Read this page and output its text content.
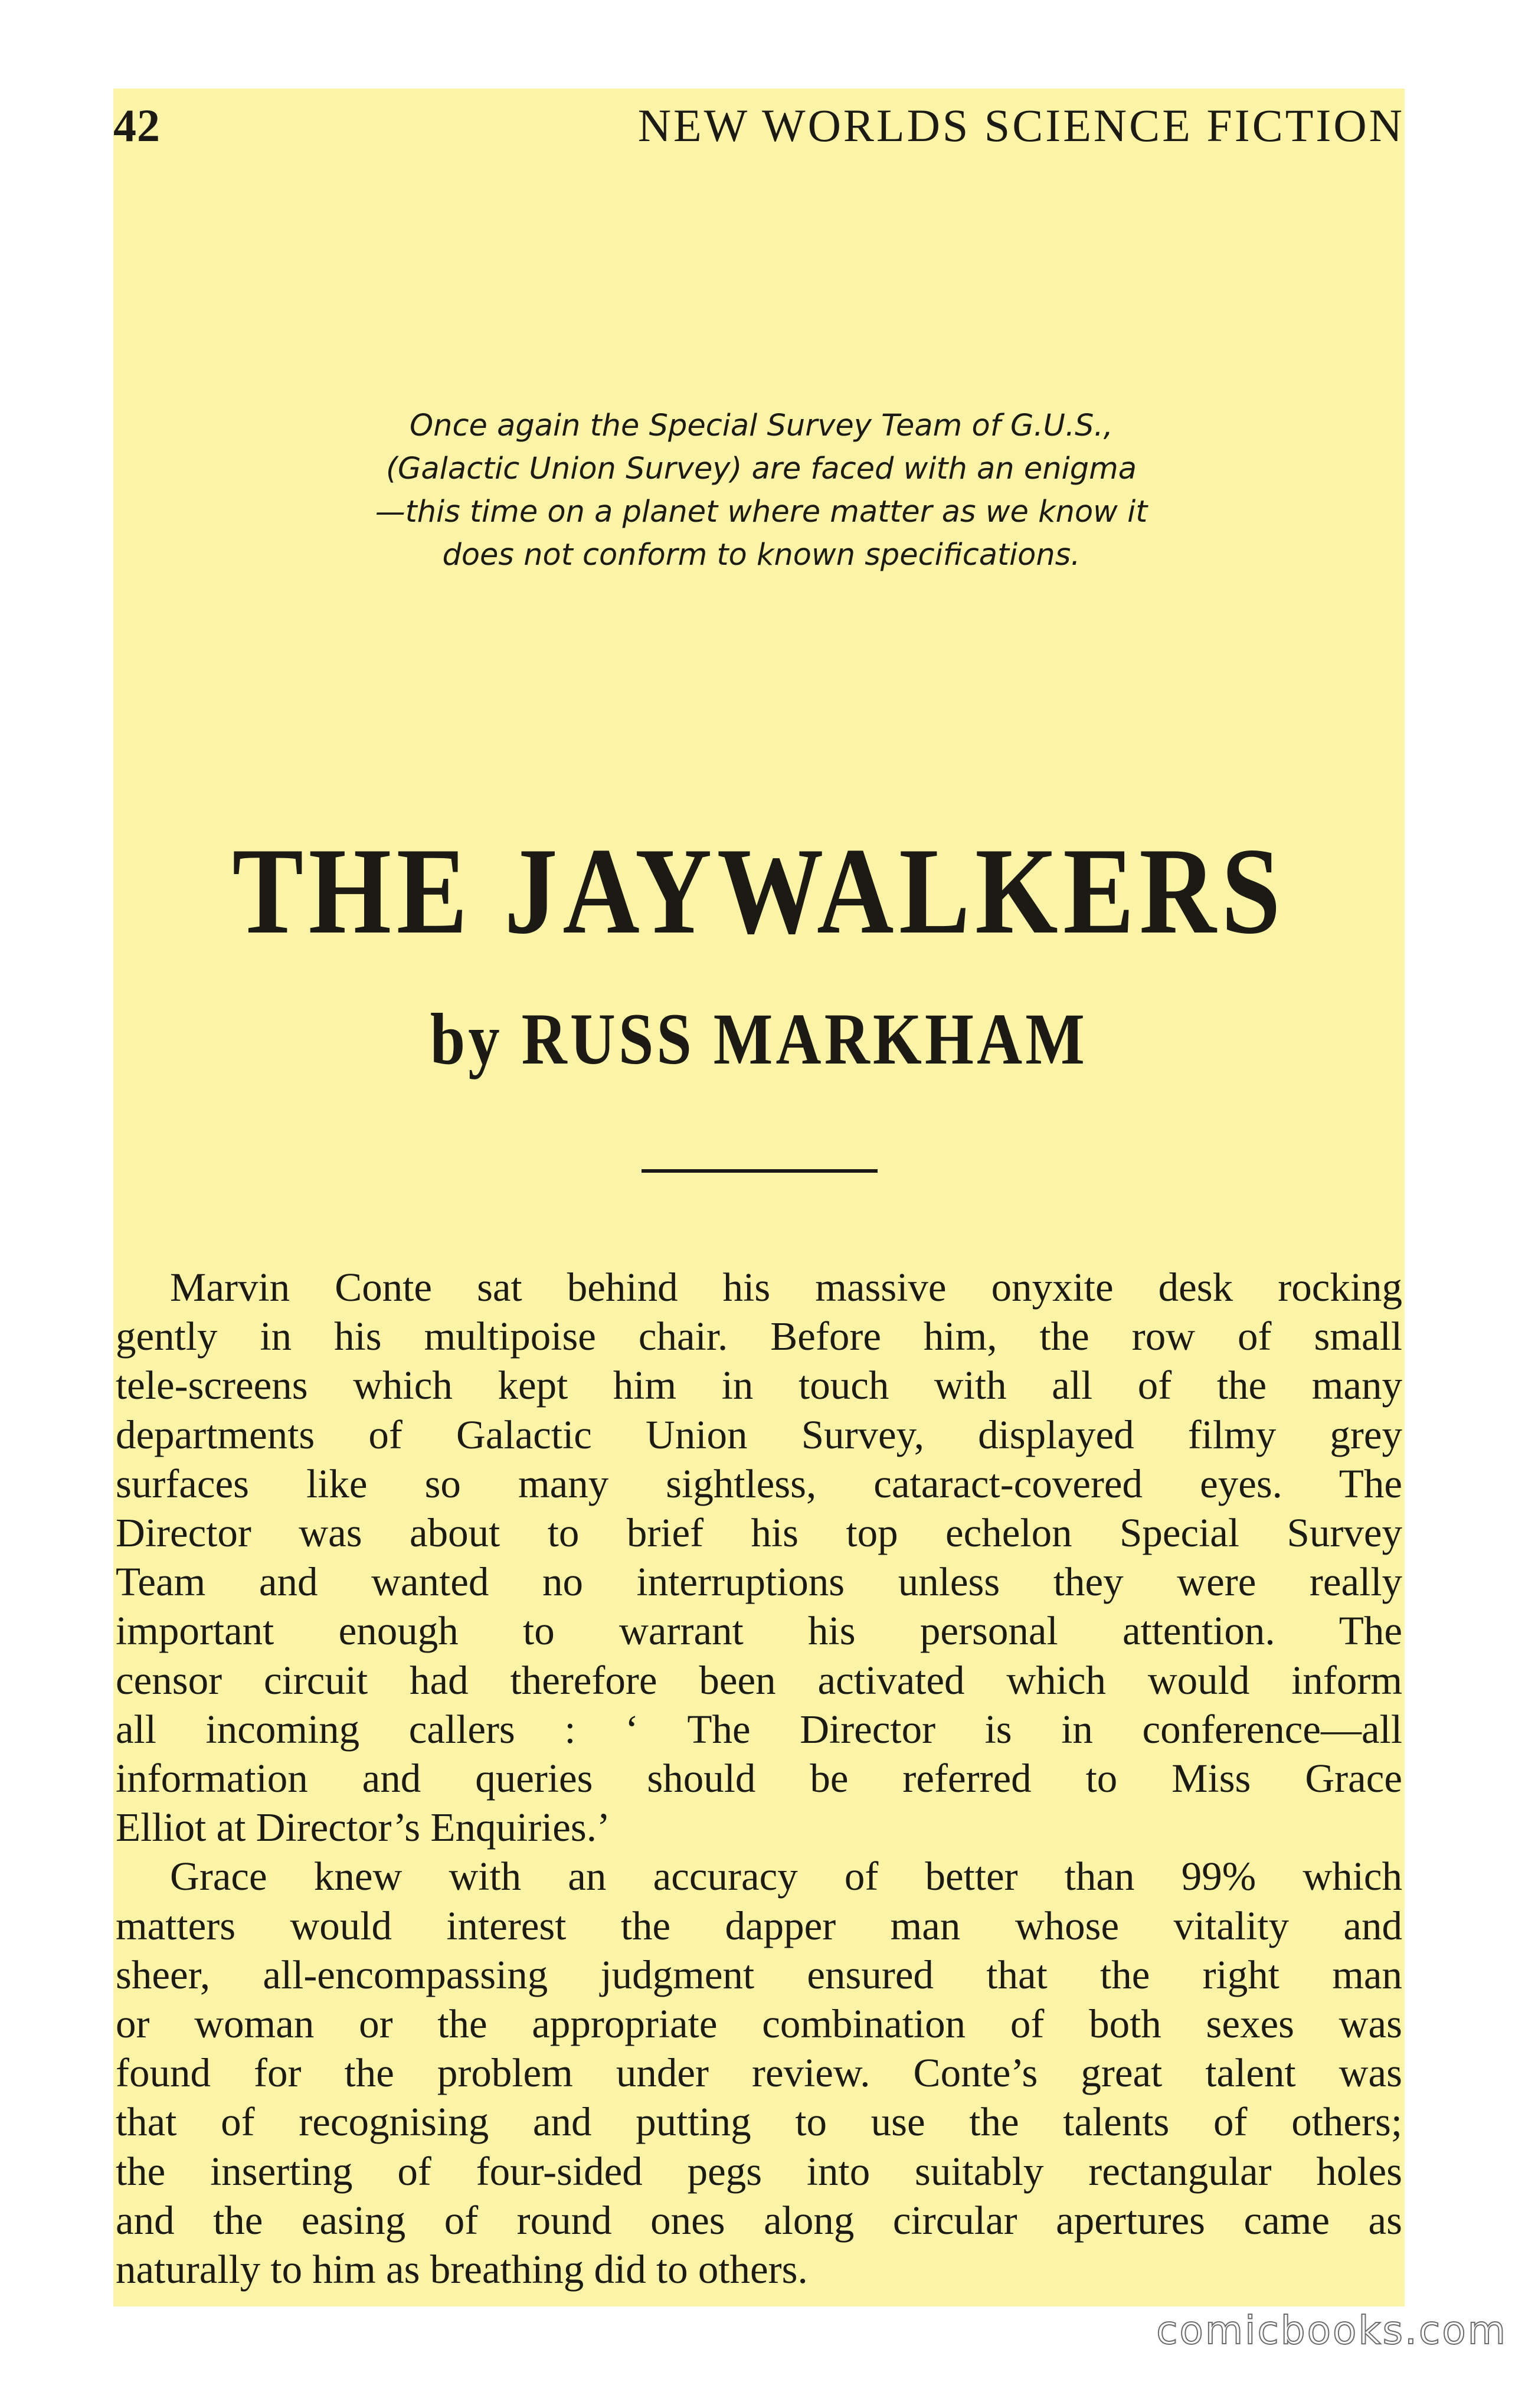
42	NEW WORLDS SCIENCE FICTION
Once again the Special Survey Team of G.U.S.,
(Galactic Union Survey) are faced with an enigma
—this time on a planet where matter as we know it
does not conform to known specifications.
THE JAYWALKERS
by RUSS MARKHAM
Marvin Conte sat behind his massive onyxite desk rocking
gently in his multipoise chair. Before him, the row of small
tele-screens which kept him in touch with all of the many
departments of Galactic Union Survey, displayed filmy grey
surfaces like so many sightless, cataract-covered eyes. The
Director was about to brief his top echelon Special Survey
Team and wanted no interruptions unless they were really
important enough to warrant his personal attention. The
censor circuit had therefore been activated which would inform
all incoming callers : ‘ The Director is in conference—all
information and queries should be referred to Miss Grace
Elliot at Director’s Enquiries.’
Grace knew with an accuracy of better than 99% which
matters would interest the dapper man whose vitality and
sheer, all-encompassing judgment ensured that the right man
or woman or the appropriate combination of both sexes was
found for the problem under review. Conte’s great talent was
that of recognising and putting to use the talents of others;
the inserting of four-sided pegs into suitably rectangular holes
and the easing of round ones along circular apertures came as
naturally to him as breathing did to others.
comicbooks.com
